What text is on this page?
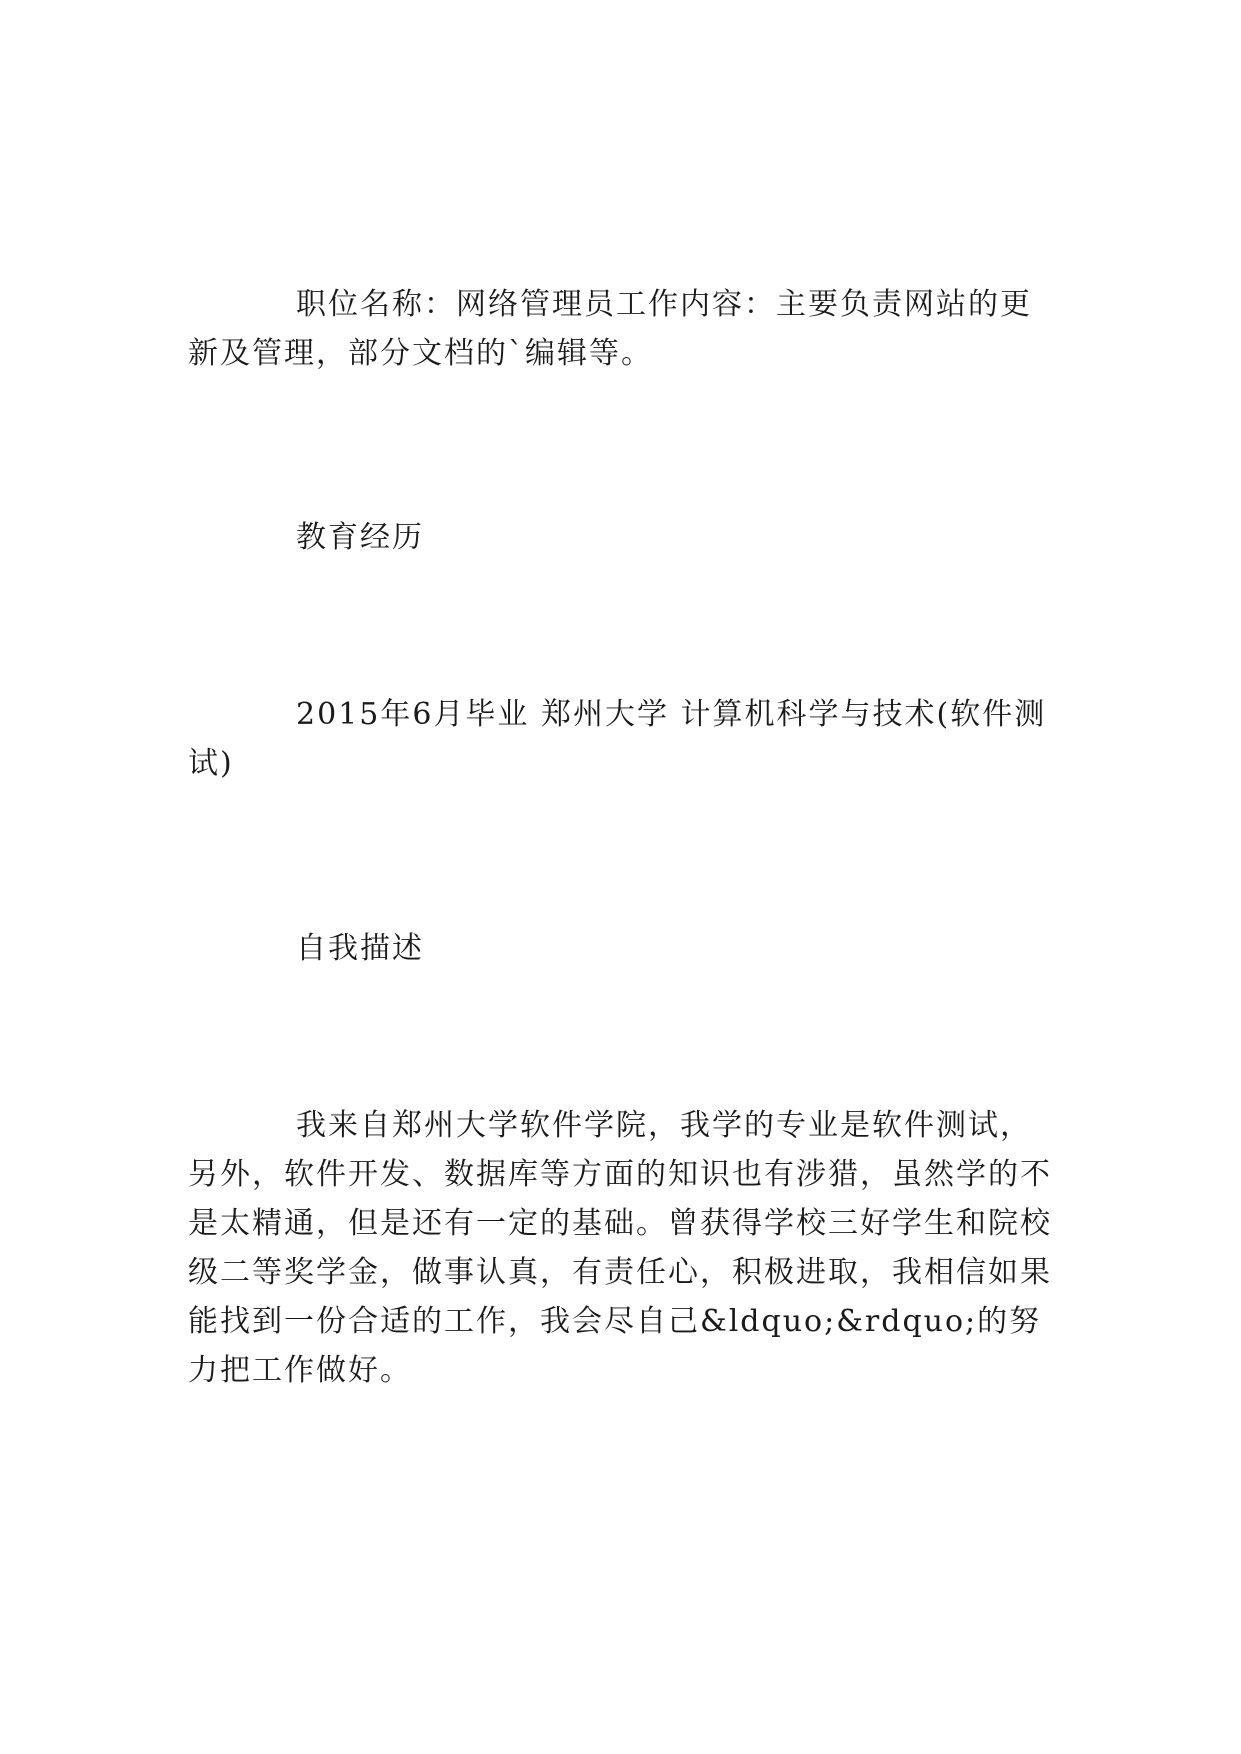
职位名称：网络管理员工作内容：主要负责网站的更新及管理，部分文档的`编辑等。

教育经历

2015年6月毕业 郑州大学 计算机科学与技术(软件测试)

自我描述

我来自郑州大学软件学院，我学的专业是软件测试，另外，软件开发、数据库等方面的知识也有涉猎，虽然学的不是太精通，但是还有一定的基础。曾获得学校三好学生和院校级二等奖学金，做事认真，有责任心，积极进取，我相信如果能找到一份合适的工作，我会尽自己&ldquo;&rdquo;的努力把工作做好。
